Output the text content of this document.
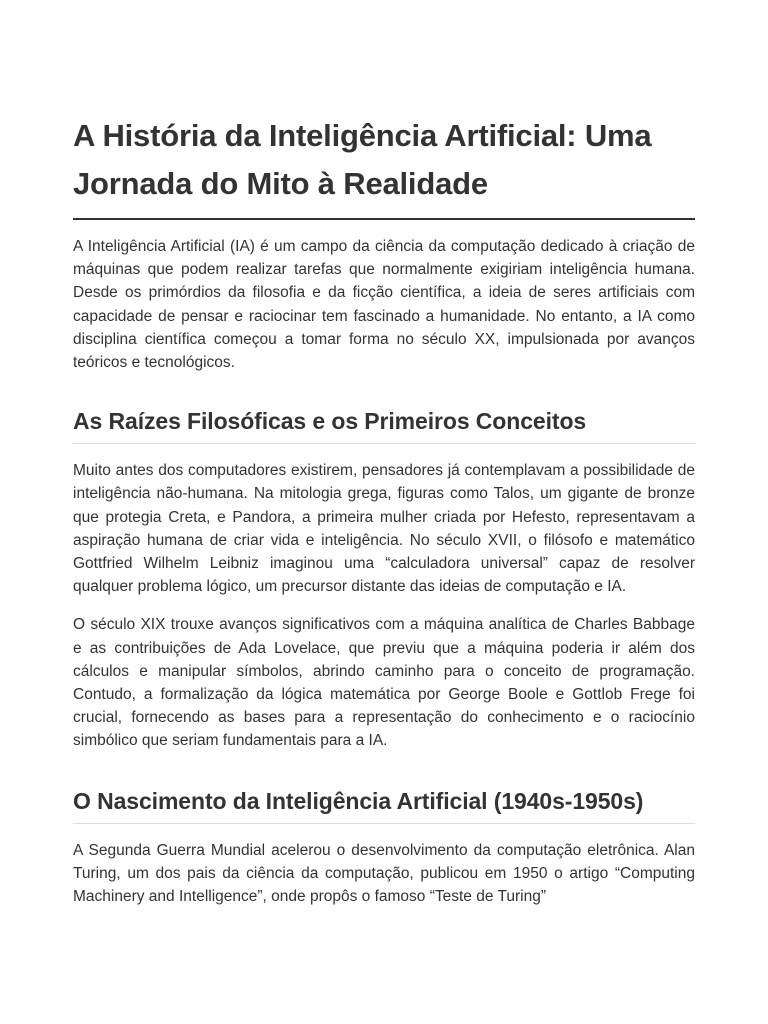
A História da Inteligência Artificial: Uma Jornada do Mito à Realidade

A Inteligência Artificial (IA) é um campo da ciência da computação dedicado à criação de máquinas que podem realizar tarefas que normalmente exigiriam inteligência humana. Desde os primórdios da filosofia e da ficção científica, a ideia de seres artificiais com capacidade de pensar e raciocinar tem fascinado a humanidade. No entanto, a IA como disciplina científica começou a tomar forma no século XX, impulsionada por avanços teóricos e tecnológicos.

As Raízes Filosóficas e os Primeiros Conceitos

Muito antes dos computadores existirem, pensadores já contemplavam a possibilidade de inteligência não-humana. Na mitologia grega, figuras como Talos, um gigante de bronze que protegia Creta, e Pandora, a primeira mulher criada por Hefesto, representavam a aspiração humana de criar vida e inteligência. No século XVII, o filósofo e matemático Gottfried Wilhelm Leibniz imaginou uma “calculadora universal” capaz de resolver qualquer problema lógico, um precursor distante das ideias de computação e IA.

O século XIX trouxe avanços significativos com a máquina analítica de Charles Babbage e as contribuições de Ada Lovelace, que previu que a máquina poderia ir além dos cálculos e manipular símbolos, abrindo caminho para o conceito de programação. Contudo, a formalização da lógica matemática por George Boole e Gottlob Frege foi crucial, fornecendo as bases para a representação do conhecimento e o raciocínio simbólico que seriam fundamentais para a IA.

O Nascimento da Inteligência Artificial (1940s-1950s)

A Segunda Guerra Mundial acelerou o desenvolvimento da computação eletrônica. Alan Turing, um dos pais da ciência da computação, publicou em 1950 o artigo “Computing Machinery and Intelligence”, onde propôs o famoso “Teste de Turing”
